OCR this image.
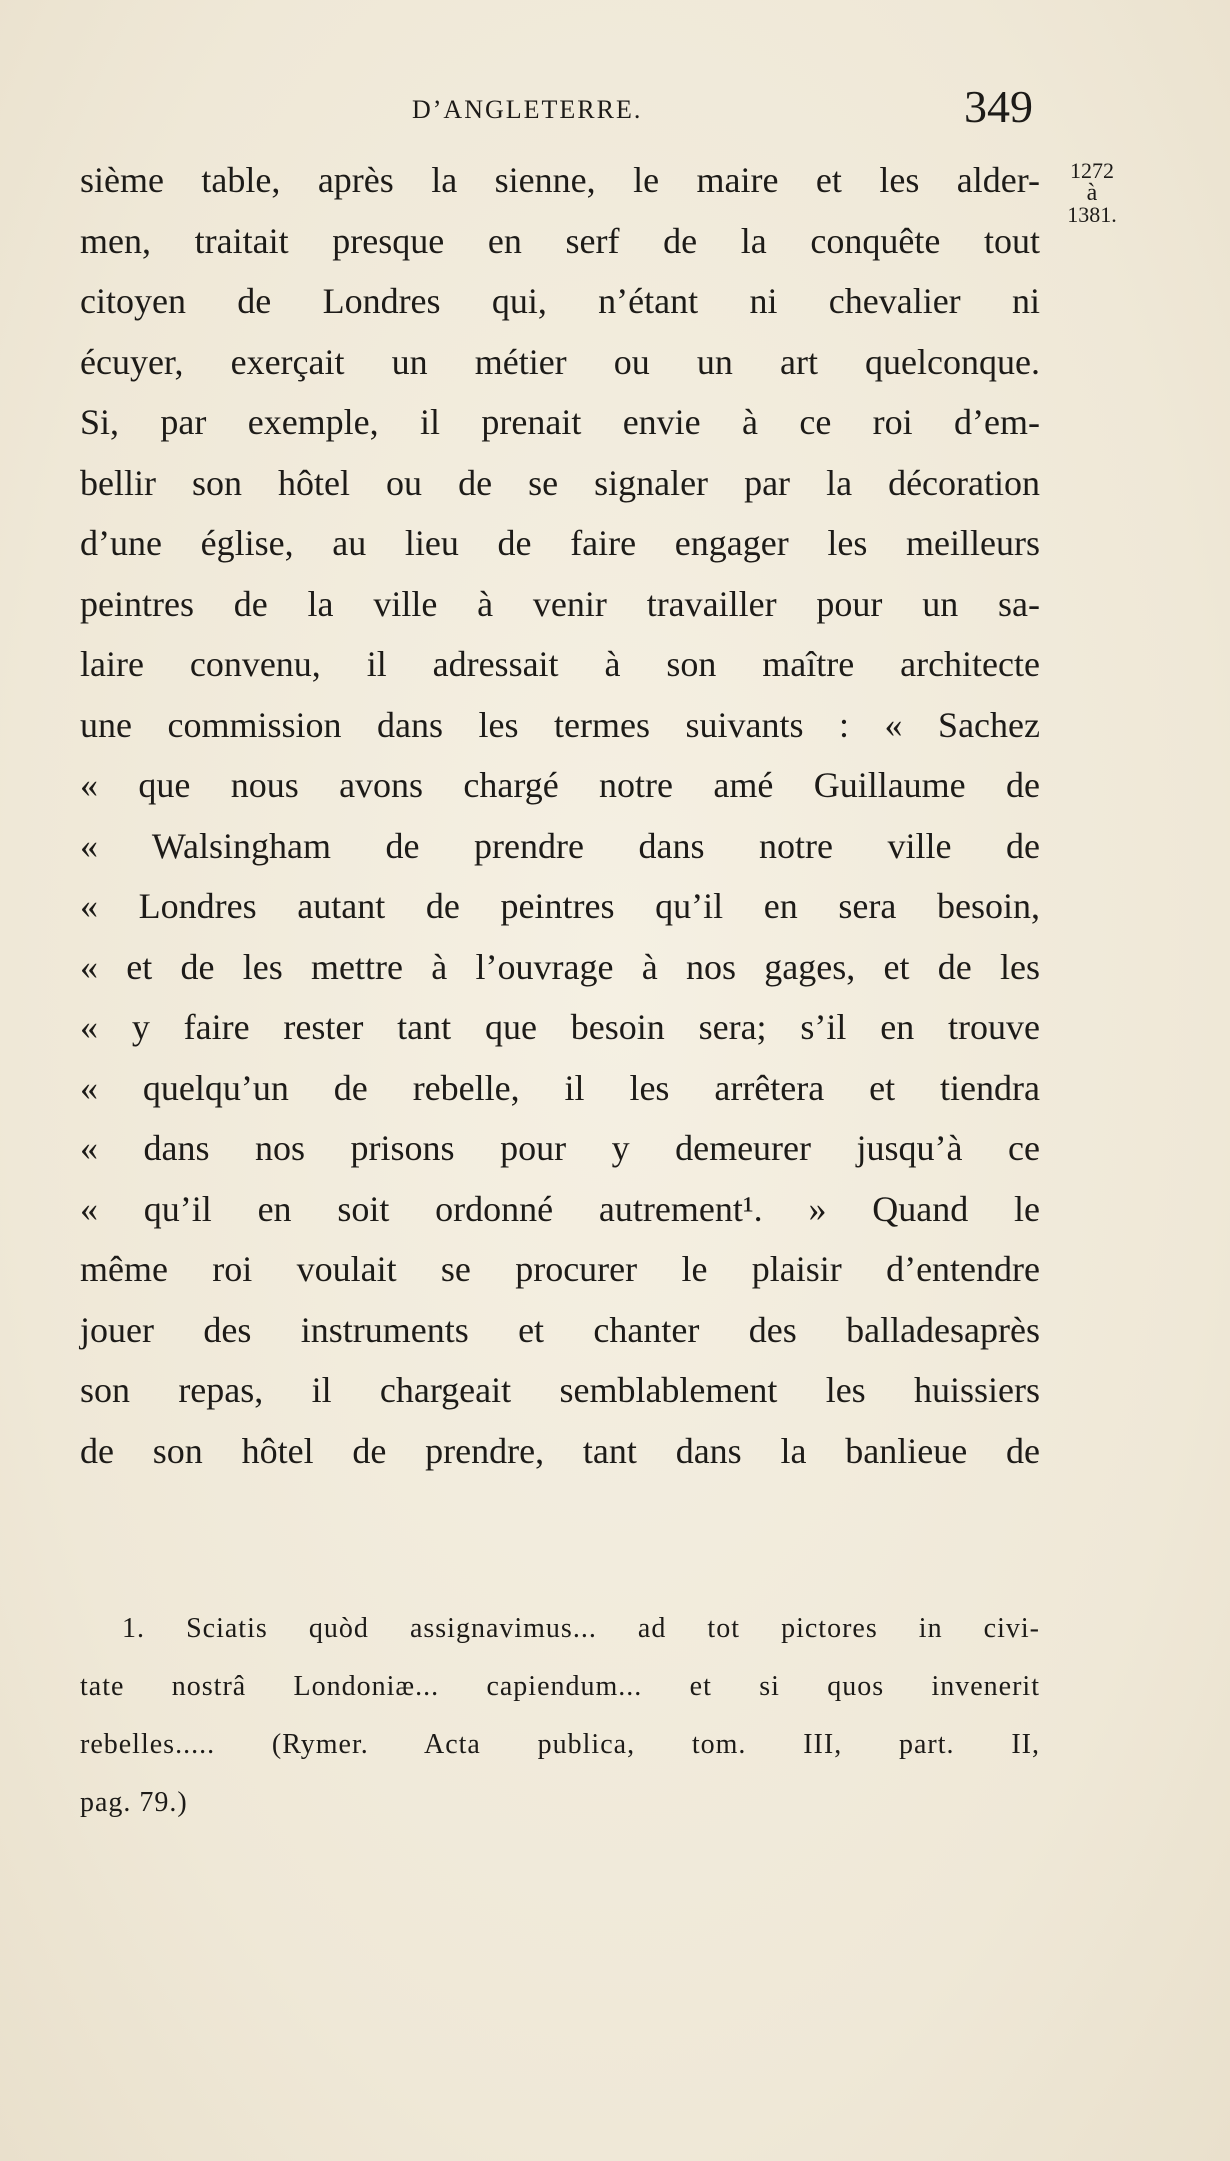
D’ANGLETERRE.	349
1272
à
1381.
sième table, après la sienne, le maire et les alder-
men, traitait presque en serf de la conquête tout
citoyen de Londres qui, n’étant ni chevalier ni
écuyer, exerçait un métier ou un art quelconque.
Si, par exemple, il prenait envie à ce roi d’em-
bellir son hôtel ou de se signaler par la décoration
d’une église, au lieu de faire engager les meilleurs
peintres de la ville à venir travailler pour un sa-
laire convenu, il adressait à son maître architecte
une commission dans les termes suivants : « Sachez
« que nous avons chargé notre amé Guillaume de
« Walsingham de prendre dans notre ville de
« Londres autant de peintres qu’il en sera besoin,
« et de les mettre à l’ouvrage à nos gages, et de les
« y faire rester tant que besoin sera; s’il en trouve
« quelqu’un de rebelle, il les arrêtera et tiendra
« dans nos prisons pour y demeurer jusqu’à ce
« qu’il en soit ordonné autrement¹. » Quand le
même roi voulait se procurer le plaisir d’entendre
jouer des instruments et chanter des balladesaprès
son repas, il chargeait semblablement les huissiers
de son hôtel de prendre, tant dans la banlieue de
1. Sciatis quòd assignavimus... ad tot pictores in civi-
tate nostrâ Londoniæ... capiendum... et si quos invenerit
rebelles..... (Rymer. Acta publica, tom. III, part. II,
pag. 79.)
